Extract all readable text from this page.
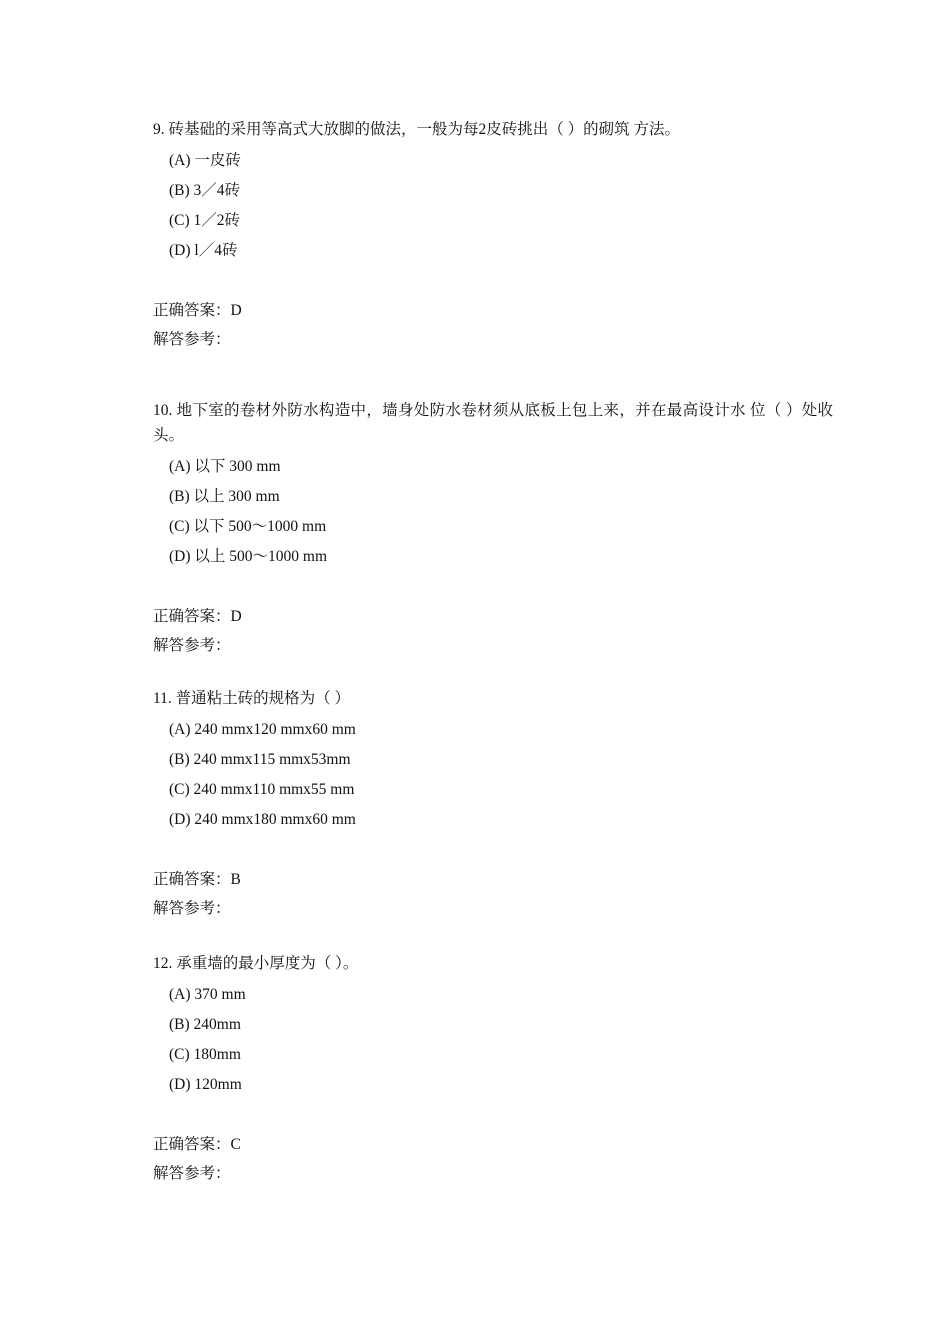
9. 砖基础的采用等高式大放脚的做法，一般为每2皮砖挑出（ ）的砌筑 方法。

(A) 一皮砖
(B) 3／4砖
(C) 1／2砖
(D) l／4砖
正确答案：D
解答参考：

10. 地下室的卷材外防水构造中，墙身处防水卷材须从底板上包上来，并在最高设计水 位（ ）处收头。

(A) 以下 300 mm
(B) 以上 300 mm
(C) 以下 500～1000 mm
(D) 以上 500～1000 mm
正确答案：D
解答参考：

11. 普通粘土砖的规格为（ ）

(A) 240 mmx120 mmx60 mm
(B) 240 mmx115 mmx53mm
(C) 240 mmx110 mmx55 mm
(D) 240 mmx180 mmx60 mm
正确答案：B
解答参考：

12. 承重墙的最小厚度为（ ）。

(A) 370 mm
(B) 240mm
(C) 180mm
(D) 120mm
正确答案：C
解答参考：
